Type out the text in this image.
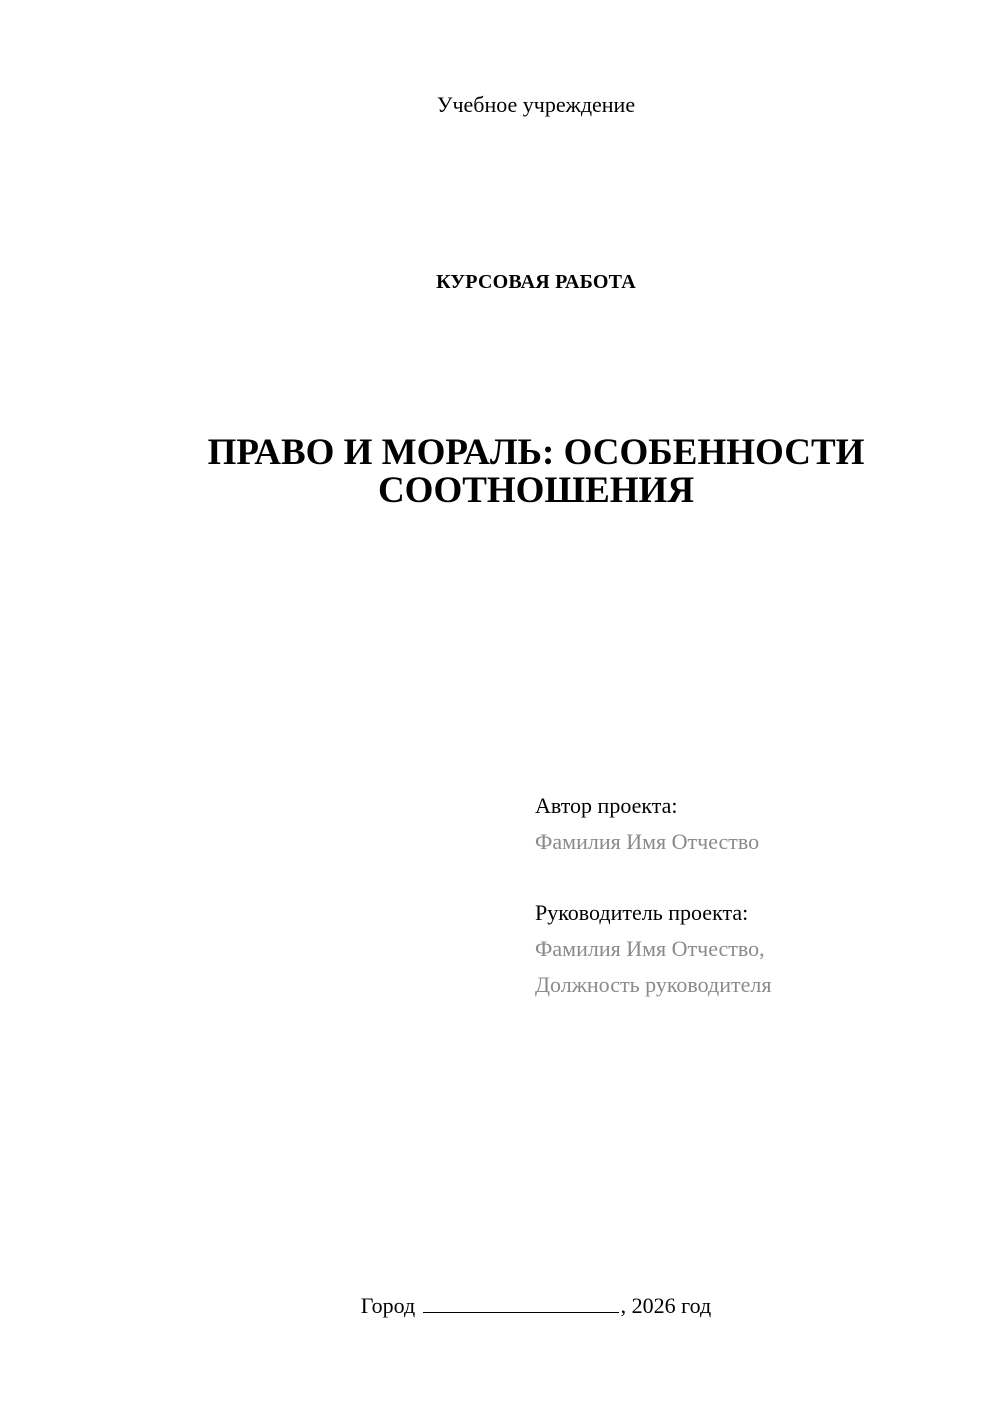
Учебное учреждение
КУРСОВАЯ РАБОТА
ПРАВО И МОРАЛЬ: ОСОБЕННОСТИ
СООТНОШЕНИЯ
Автор проекта:
Фамилия Имя Отчество
Руководитель проекта:
Фамилия Имя Отчество,
Должность руководителя
Город	, 2026 год
